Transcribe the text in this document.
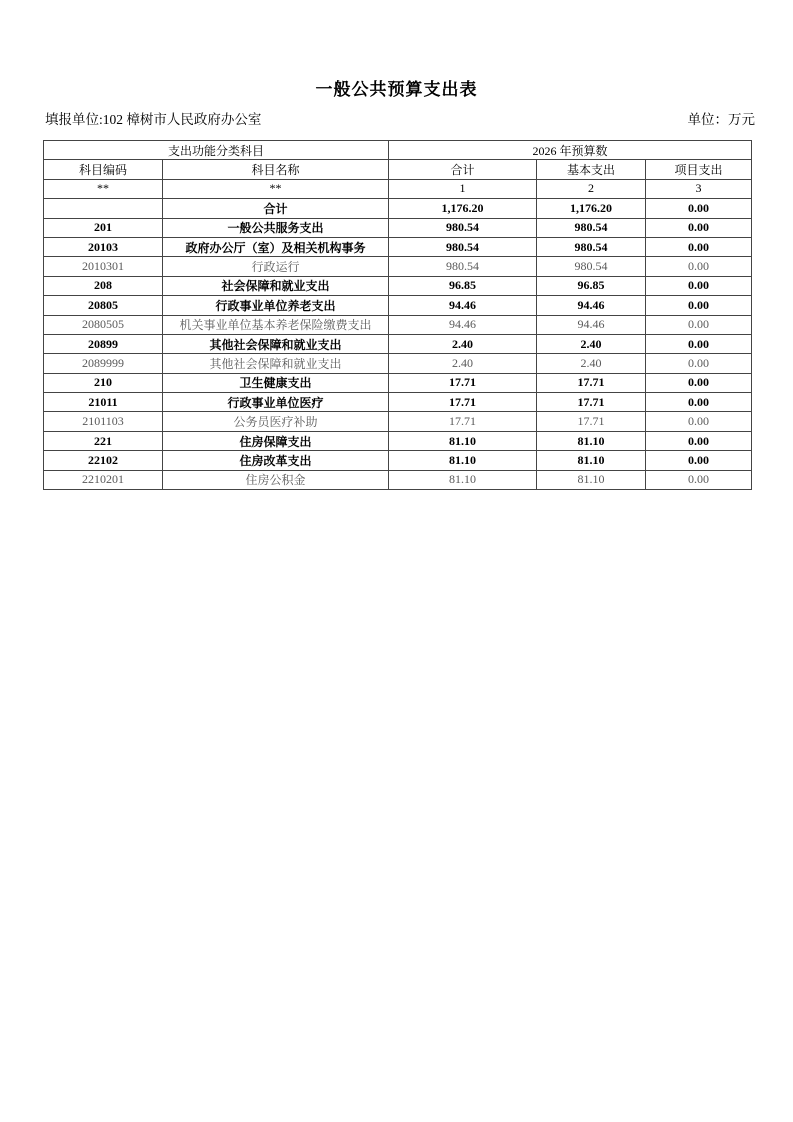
一般公共预算支出表
填报单位:102 樟树市人民政府办公室	单位：万元
支出功能分类科目		2026 年预算数		
科目编码	科目名称	合计	基本支出	项目支出
**	**	1	2	3
	合计	1,176.20	1,176.20	0.00
201	一般公共服务支出	980.54	980.54	0.00
20103	政府办公厅（室）及相关机构事务	980.54	980.54	0.00
2010301	行政运行	980.54	980.54	0.00
208	社会保障和就业支出	96.85	96.85	0.00
20805	行政事业单位养老支出	94.46	94.46	0.00
2080505	机关事业单位基本养老保险缴费支出	94.46	94.46	0.00
20899	其他社会保障和就业支出	2.40	2.40	0.00
2089999	其他社会保障和就业支出	2.40	2.40	0.00
210	卫生健康支出	17.71	17.71	0.00
21011	行政事业单位医疗	17.71	17.71	0.00
2101103	公务员医疗补助	17.71	17.71	0.00
221	住房保障支出	81.10	81.10	0.00
22102	住房改革支出	81.10	81.10	0.00
2210201	住房公积金	81.10	81.10	0.00
